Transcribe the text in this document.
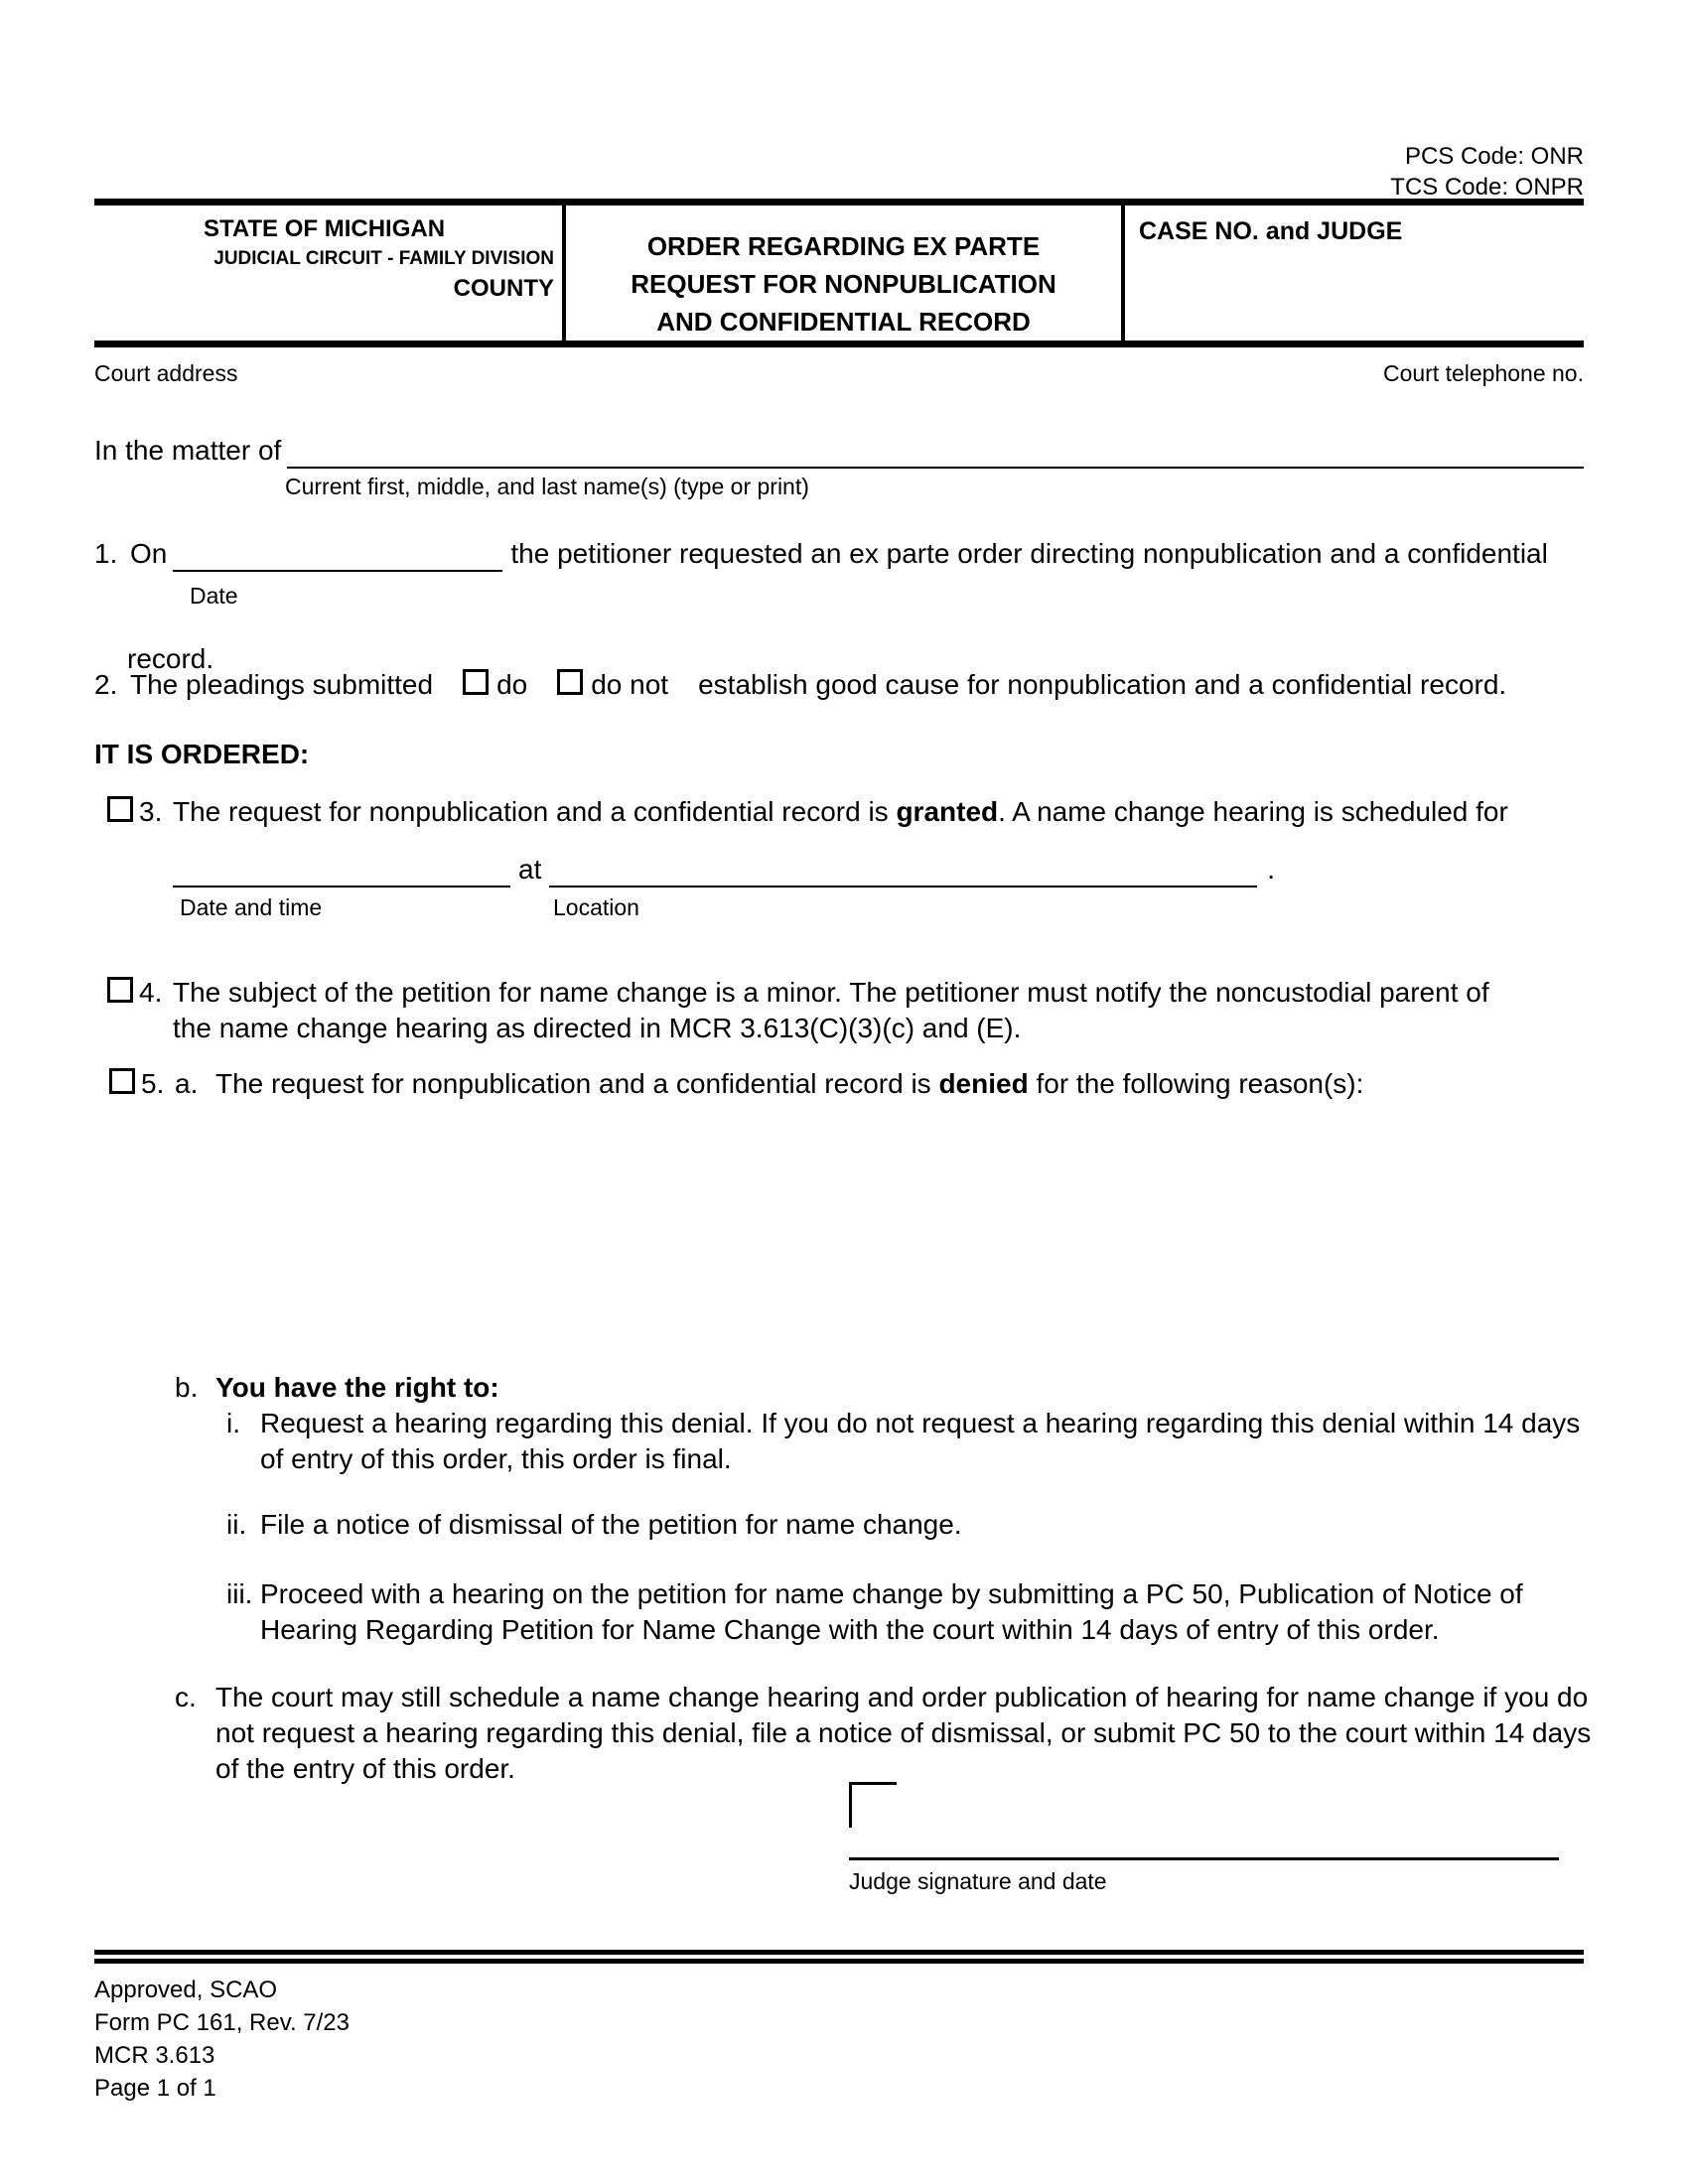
PCS Code: ONR
TCS Code: ONPR
STATE OF MICHIGAN
JUDICIAL CIRCUIT - FAMILY DIVISION
COUNTY
ORDER REGARDING EX PARTE
REQUEST FOR NONPUBLICATION
AND CONFIDENTIAL RECORD
CASE NO. and JUDGE
Court address	Court telephone no.
In the matter of
Current first, middle, and last name(s) (type or print)
1. On	the petitioner requested an ex parte order directing nonpublication and a confidential
Date
record.
2. The pleadings submitted do do not establish good cause for nonpublication and a confidential record.
IT IS ORDERED:
3. The request for nonpublication and a confidential record is granted. A name change hearing is scheduled for
at	.
Date and time	Location
4. The subject of the petition for name change is a minor. The petitioner must notify the noncustodial parent of
the name change hearing as directed in MCR 3.613(C)(3)(c) and (E).
5. a. The request for nonpublication and a confidential record is denied for the following reason(s):
b. You have the right to:
i. Request a hearing regarding this denial. If you do not request a hearing regarding this denial within 14 days
of entry of this order, this order is final.
ii. File a notice of dismissal of the petition for name change.
iii. Proceed with a hearing on the petition for name change by submitting a PC 50, Publication of Notice of
Hearing Regarding Petition for Name Change with the court within 14 days of entry of this order.
c. The court may still schedule a name change hearing and order publication of hearing for name change if you do
not request a hearing regarding this denial, file a notice of dismissal, or submit PC 50 to the court within 14 days
of the entry of this order.
Judge signature and date
Approved, SCAO
Form PC 161, Rev. 7/23
MCR 3.613
Page 1 of 1
